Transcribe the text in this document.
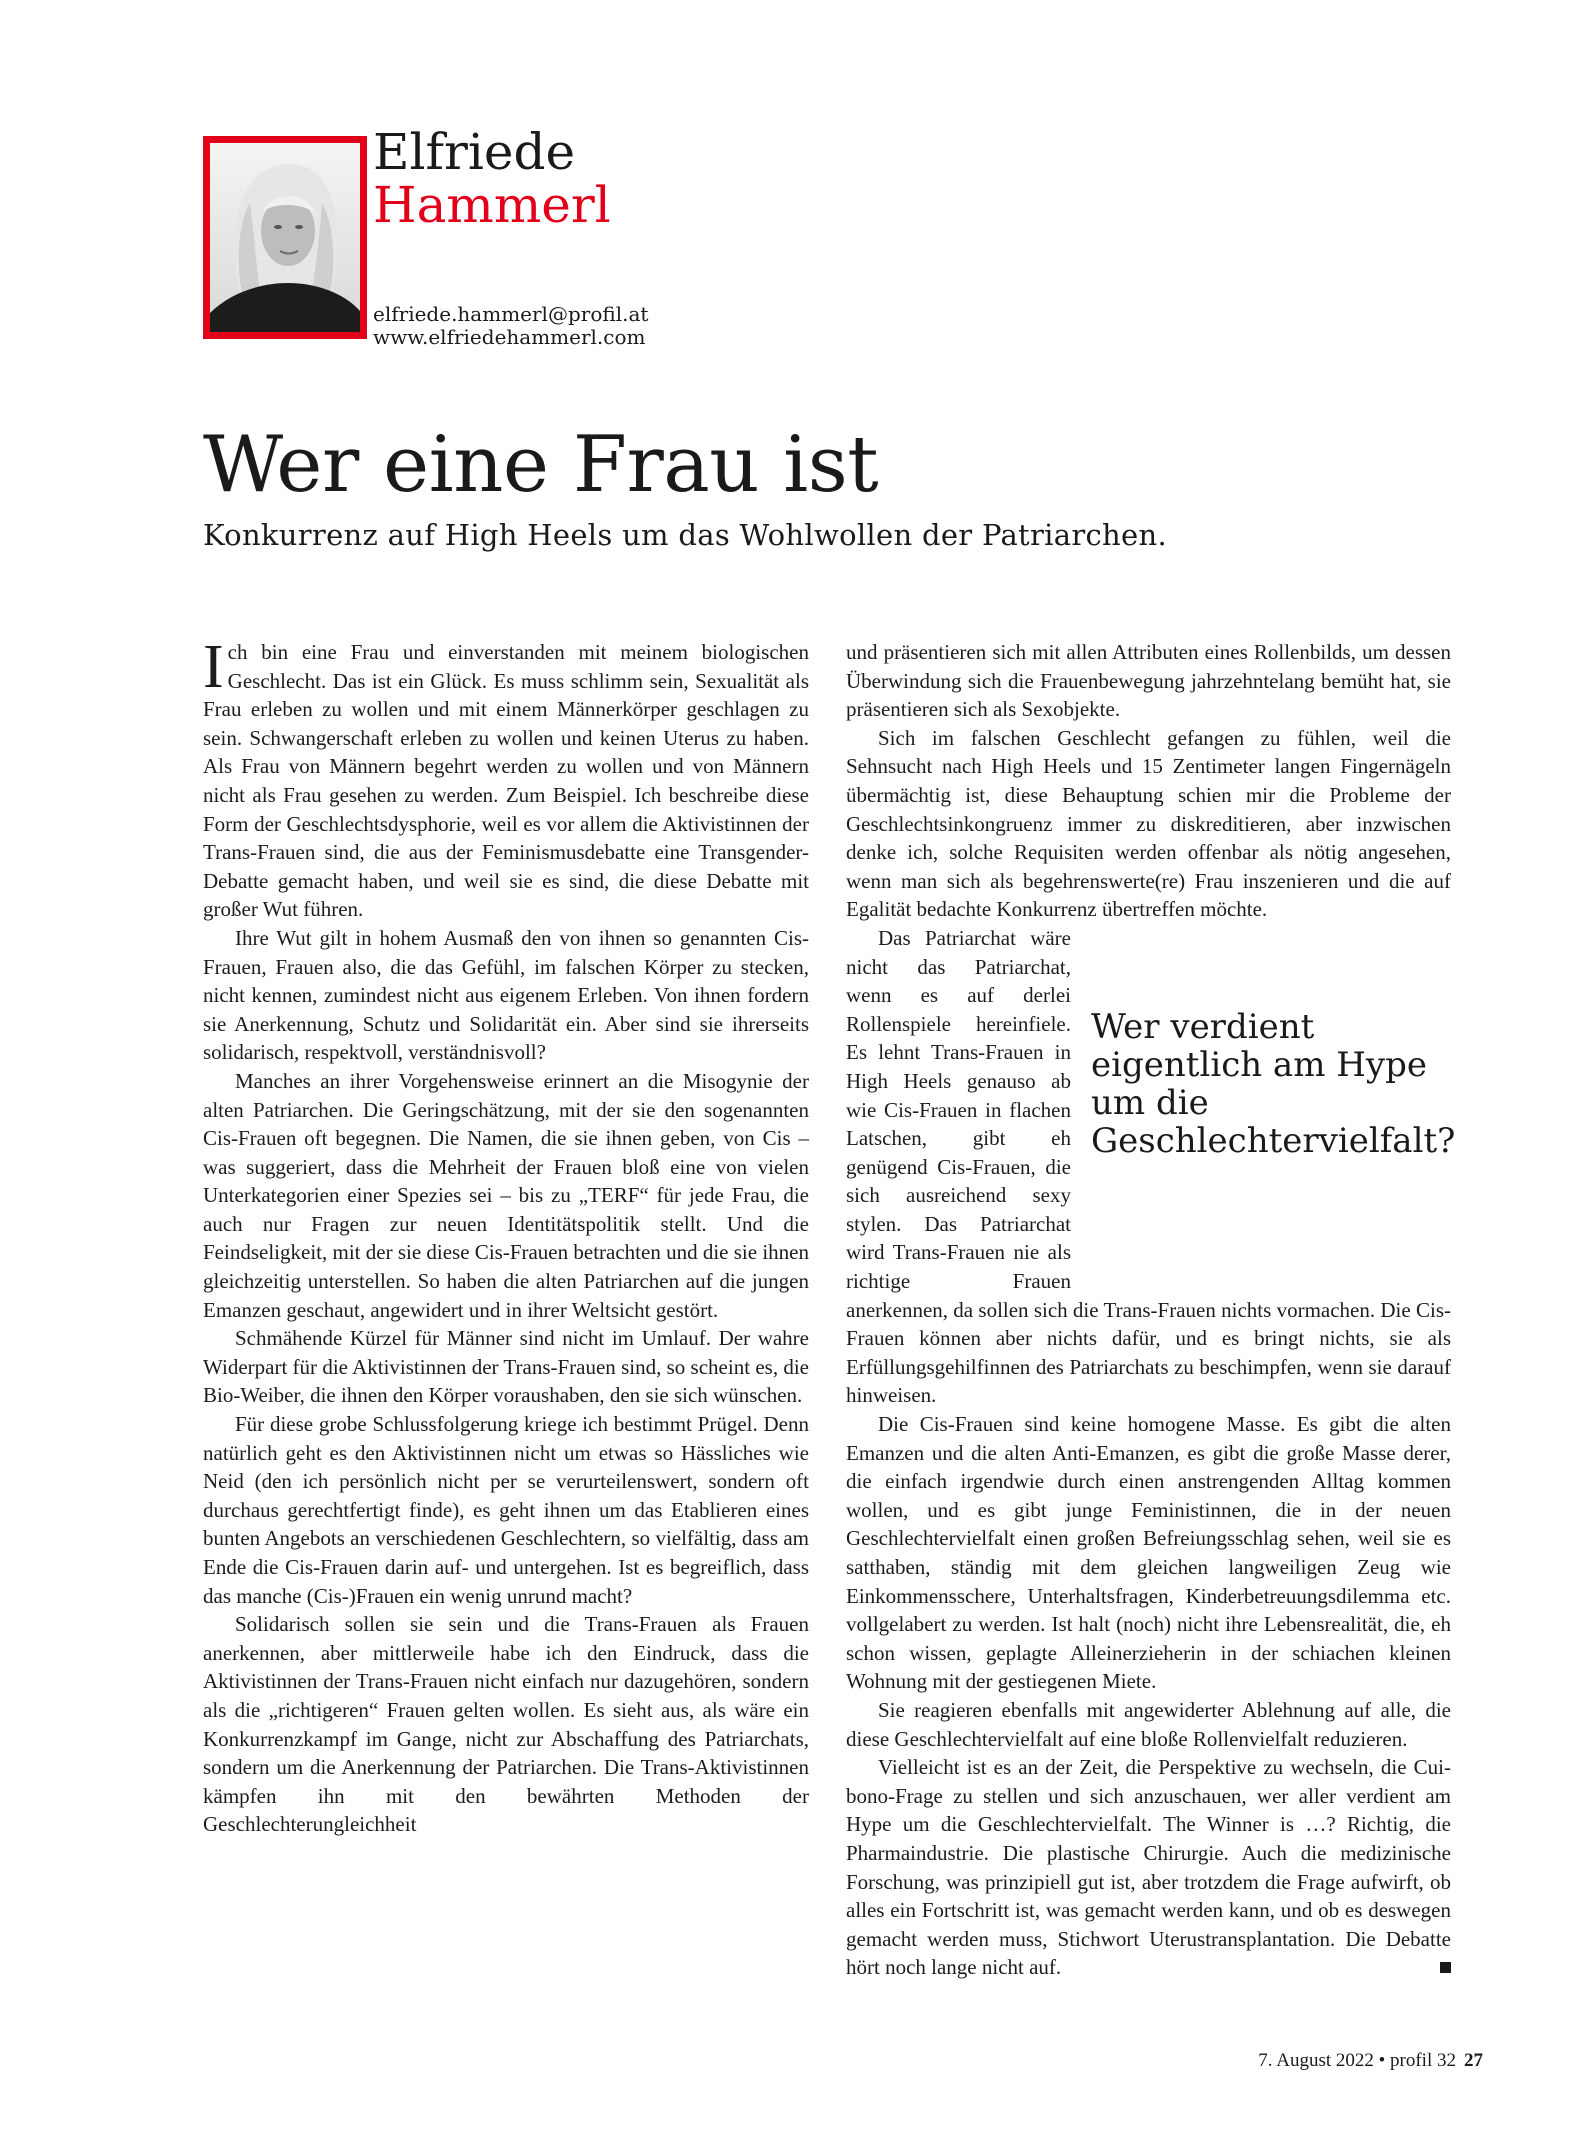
Elfriede
Hammerl
elfriede.hammerl@profil.at
www.elfriedehammerl.com
Wer eine Frau ist
Konkurrenz auf High Heels um das Wohlwollen der Patriarchen.

Ich bin eine Frau und einverstanden mit meinem biologischen Geschlecht. Das ist ein Glück. Es muss schlimm sein, Sexualität als Frau erleben zu wollen und mit einem Männerkörper geschlagen zu sein. Schwangerschaft erleben zu wollen und keinen Uterus zu haben. Als Frau von Männern begehrt werden zu wollen und von Männern nicht als Frau gesehen zu werden. Zum Beispiel. Ich beschreibe diese Form der Geschlechtsdysphorie, weil es vor allem die Aktivistinnen der Trans-Frauen sind, die aus der Feminismusdebatte eine Transgender-Debatte gemacht haben, und weil sie es sind, die diese Debatte mit großer Wut führen.

Ihre Wut gilt in hohem Ausmaß den von ihnen so genannten Cis-Frauen, Frauen also, die das Gefühl, im falschen Körper zu stecken, nicht kennen, zumindest nicht aus eigenem Erleben. Von ihnen fordern sie Anerkennung, Schutz und Solidarität ein. Aber sind sie ihrerseits solidarisch, respektvoll, verständnisvoll?

Manches an ihrer Vorgehensweise erinnert an die Misogynie der alten Patriarchen. Die Geringschätzung, mit der sie den sogenannten Cis-Frauen oft begegnen. Die Namen, die sie ihnen geben, von Cis – was suggeriert, dass die Mehrheit der Frauen bloß eine von vielen Unterkategorien einer Spezies sei – bis zu „TERF“ für jede Frau, die auch nur Fragen zur neuen Identitätspolitik stellt. Und die Feindseligkeit, mit der sie diese Cis-Frauen betrachten und die sie ihnen gleichzeitig unterstellen. So haben die alten Patriarchen auf die jungen Emanzen geschaut, angewidert und in ihrer Weltsicht gestört.

Schmähende Kürzel für Männer sind nicht im Umlauf. Der wahre Widerpart für die Aktivistinnen der Trans-Frauen sind, so scheint es, die Bio-Weiber, die ihnen den Körper voraushaben, den sie sich wünschen.

Für diese grobe Schlussfolgerung kriege ich bestimmt Prügel. Denn natürlich geht es den Aktivistinnen nicht um etwas so Hässliches wie Neid (den ich persönlich nicht per se verurteilenswert, sondern oft durchaus gerechtfertigt finde), es geht ihnen um das Etablieren eines bunten Angebots an verschiedenen Geschlechtern, so vielfältig, dass am Ende die Cis-Frauen darin auf- und untergehen. Ist es begreiflich, dass das manche (Cis-)Frauen ein wenig unrund macht?

Solidarisch sollen sie sein und die Trans-Frauen als Frauen anerkennen, aber mittlerweile habe ich den Eindruck, dass die Aktivistinnen der Trans-Frauen nicht einfach nur dazugehören, sondern als die „richtigeren“ Frauen gelten wollen. Es sieht aus, als wäre ein Konkurrenzkampf im Gange, nicht zur Abschaffung des Patriarchats, sondern um die Anerkennung der Patriarchen. Die Trans-Aktivistinnen kämpfen ihn mit den bewährten Methoden der Geschlechterungleichheit

und präsentieren sich mit allen Attributen eines Rollenbilds, um dessen Überwindung sich die Frauenbewegung jahrzehntelang bemüht hat, sie präsentieren sich als Sexobjekte.

Sich im falschen Geschlecht gefangen zu fühlen, weil die Sehnsucht nach High Heels und 15 Zentimeter langen Fingernägeln übermächtig ist, diese Behauptung schien mir die Probleme der Geschlechtsinkongruenz immer zu diskreditieren, aber inzwischen denke ich, solche Requisiten werden offenbar als nötig angesehen, wenn man sich als begehrenswerte(re) Frau inszenieren und die auf Egalität bedachte Konkurrenz übertreffen möchte.

Wer verdient eigentlich am Hype um die Geschlechtervielfalt?

Das Patriarchat wäre nicht das Patriarchat, wenn es auf derlei Rollenspiele hereinfiele. Es lehnt Trans-Frauen in High Heels genauso ab wie Cis-Frauen in flachen Latschen, gibt eh genügend Cis-Frauen, die sich ausreichend sexy stylen. Das Patriarchat wird Trans-Frauen nie als richtige Frauen anerkennen, da sollen sich die Trans-Frauen nichts vormachen. Die Cis-Frauen können aber nichts dafür, und es bringt nichts, sie als Erfüllungsgehilfinnen des Patriarchats zu beschimpfen, wenn sie darauf hinweisen.

Die Cis-Frauen sind keine homogene Masse. Es gibt die alten Emanzen und die alten Anti-Emanzen, es gibt die große Masse derer, die einfach irgendwie durch einen anstrengenden Alltag kommen wollen, und es gibt junge Feministinnen, die in der neuen Geschlechtervielfalt einen großen Befreiungsschlag sehen, weil sie es satthaben, ständig mit dem gleichen langweiligen Zeug wie Einkommensschere, Unterhaltsfragen, Kinderbetreuungsdilemma etc. vollgelabert zu werden. Ist halt (noch) nicht ihre Lebensrealität, die, eh schon wissen, geplagte Alleinerzieherin in der schiachen kleinen Wohnung mit der gestiegenen Miete.

Sie reagieren ebenfalls mit angewiderter Ablehnung auf alle, die diese Geschlechtervielfalt auf eine bloße Rollenvielfalt reduzieren.

Vielleicht ist es an der Zeit, die Perspektive zu wechseln, die Cui-bono-Frage zu stellen und sich anzuschauen, wer aller verdient am Hype um die Geschlechtervielfalt. The Winner is …? Richtig, die Pharmaindustrie. Die plastische Chirurgie. Auch die medizinische Forschung, was prinzipiell gut ist, aber trotzdem die Frage aufwirft, ob alles ein Fortschritt ist, was gemacht werden kann, und ob es deswegen gemacht werden muss, Stichwort Uterustransplantation. Die Debatte hört noch lange nicht auf.

7. August 2022 • profil 32 27
